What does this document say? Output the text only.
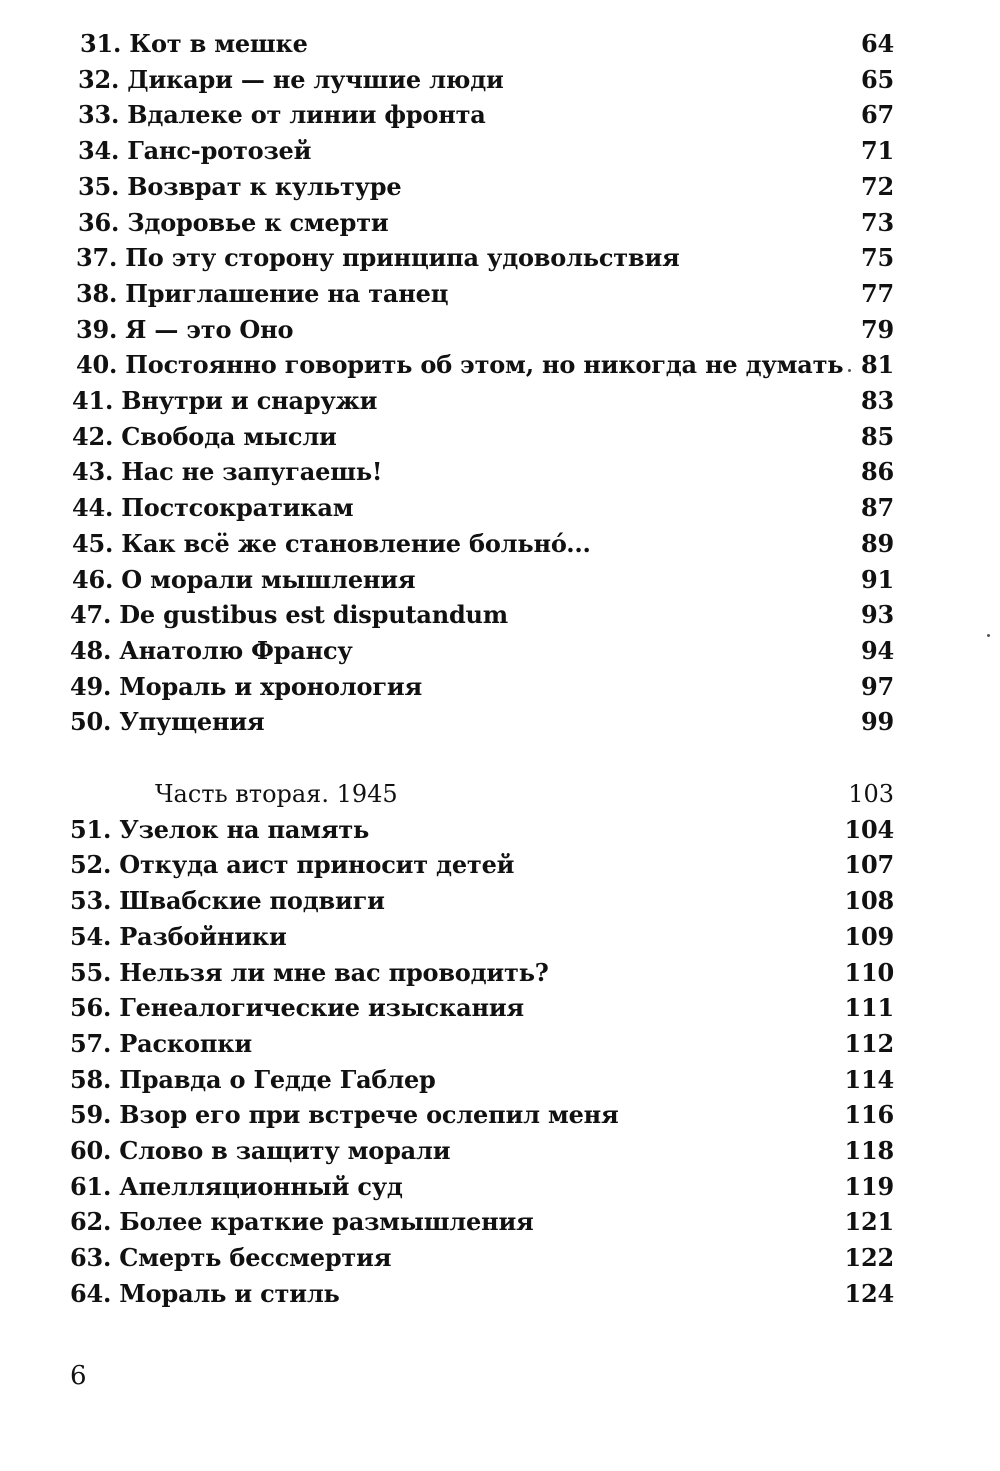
31. Кот в мешке	64
32. Дикари — не лучшие люди	65
33. Вдалеке от линии фронта	67
34. Ганс-ротозей	71
35. Возврат к культуре	72
36. Здоровье к смерти	73
37. По эту сторону принципа удовольствия	75
38. Приглашение на танец	77
39. Я — это Оно	79
40. Постоянно говорить об этом, но никогда не думать 81
41. Внутри и снаружи	83
42. Свобода мысли	85
43. Нас не запугаешь!	86
44. Постсократикам	87
45. Как всё же становление больнó...	89
46. О морали мышления	91
47. De gustibus est disputandum	93
48. Анатолю Франсу	94
49. Мораль и хронология	97
50. Упущения	99
Часть вторая. 1945	103
51. Узелок на память	104
52. Откуда аист приносит детей	107
53. Швабские подвиги	108
54. Разбойники	109
55. Нельзя ли мне вас проводить?	110
56. Генеалогические изыскания	111
57. Раскопки	112
58. Правда о Гедде Габлер	114
59. Взор его при встрече ослепил меня	116
60. Слово в защиту морали	118
61. Апелляционный суд	119
62. Более краткие размышления	121
63. Смерть бессмертия	122
64. Мораль и стиль	124
6
